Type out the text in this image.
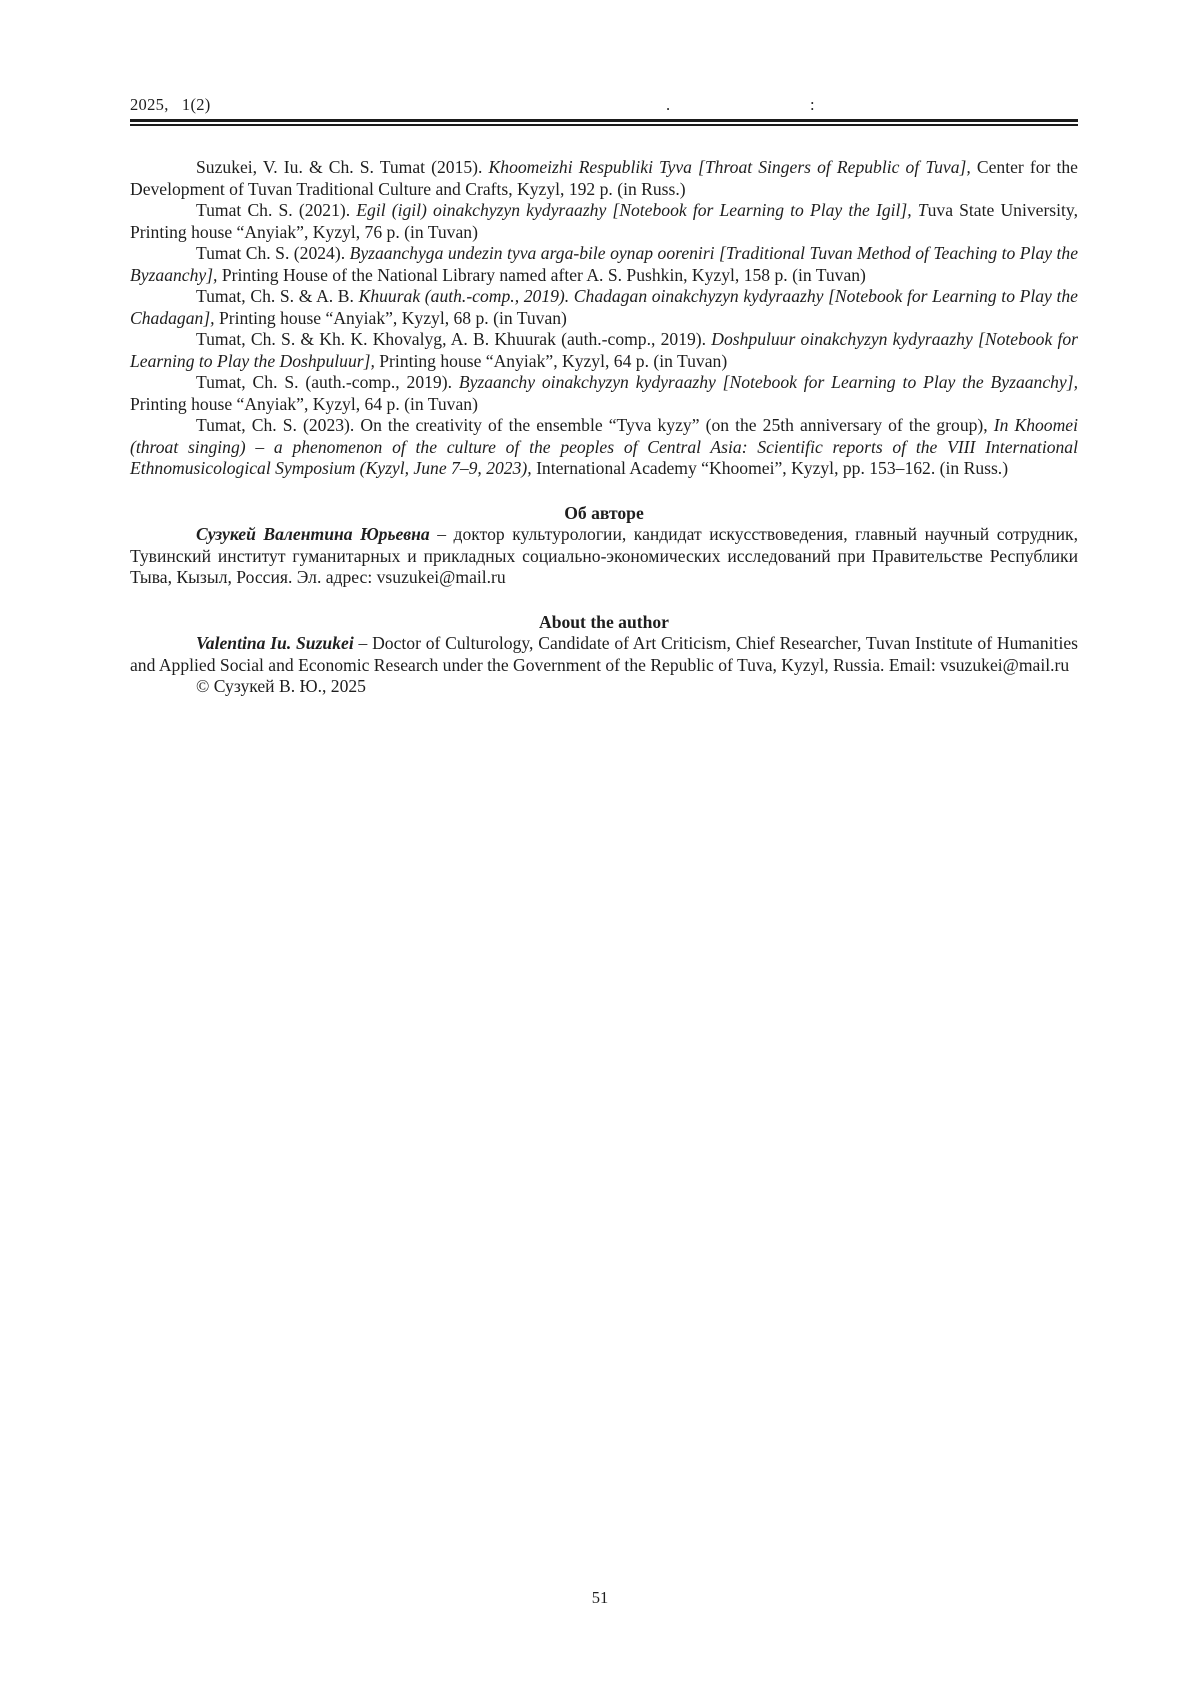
2025,   1(2)	.	:

Suzukei, V. Iu. & Ch. S. Tumat (2015). Khoomeizhi Respubliki Tyva [Throat Singers of Republic of Tuva], Center for the Development of Tuvan Traditional Culture and Crafts, Kyzyl, 192 p. (in Russ.)

Tumat Ch. S. (2021). Egil (igil) oinakchyzyn kydyraazhy [Notebook for Learning to Play the Igil], Tuva State University, Printing house “Anyiak”, Kyzyl, 76 p. (in Tuvan)

Tumat Ch. S. (2024). Byzaanchyga undezin tyva arga-bile oynap ooreniri [Traditional Tuvan Method of Teaching to Play the Byzaanchy], Printing House of the National Library named after A. S. Pushkin, Kyzyl, 158 p. (in Tuvan)

Tumat, Ch. S. & A. B. Khuurak (auth.-comp., 2019). Chadagan oinakchyzyn kydyraazhy [Notebook for Learning to Play the Chadagan], Printing house “Anyiak”, Kyzyl, 68 p. (in Tuvan)

Tumat, Ch. S. & Kh. K. Khovalyg, A. B. Khuurak (auth.-comp., 2019). Doshpuluur oinakchyzyn kydyraazhy [Notebook for Learning to Play the Doshpuluur], Printing house “Anyiak”, Kyzyl, 64 p. (in Tuvan)

Tumat, Ch. S. (auth.-comp., 2019). Byzaanchy oinakchyzyn kydyraazhy [Notebook for Learning to Play the Byzaanchy], Printing house “Anyiak”, Kyzyl, 64 p. (in Tuvan)

Tumat, Ch. S. (2023). On the creativity of the ensemble “Tyva kyzy” (on the 25th anniversary of the group), In Khoomei (throat singing) – a phenomenon of the culture of the peoples of Central Asia: Scientific reports of the VIII International Ethnomusicological Symposium (Kyzyl, June 7–9, 2023), International Academy “Khoomei”, Kyzyl, pp. 153–162. (in Russ.)

Об авторе

Сузукей Валентина Юрьевна – доктор культурологии, кандидат искусствоведения, главный научный сотрудник, Тувинский институт гуманитарных и прикладных социально-экономических исследований при Правительстве Республики Тыва, Кызыл, Россия. Эл. адрес: vsuzukei@mail.ru

About the author

Valentina Iu. Suzukei – Doctor of Culturology, Candidate of Art Criticism, Chief Researcher, Tuvan Institute of Humanities and Applied Social and Economic Research under the Government of the Republic of Tuva, Kyzyl, Russia. Email: vsuzukei@mail.ru

© Сузукей В. Ю., 2025

51
